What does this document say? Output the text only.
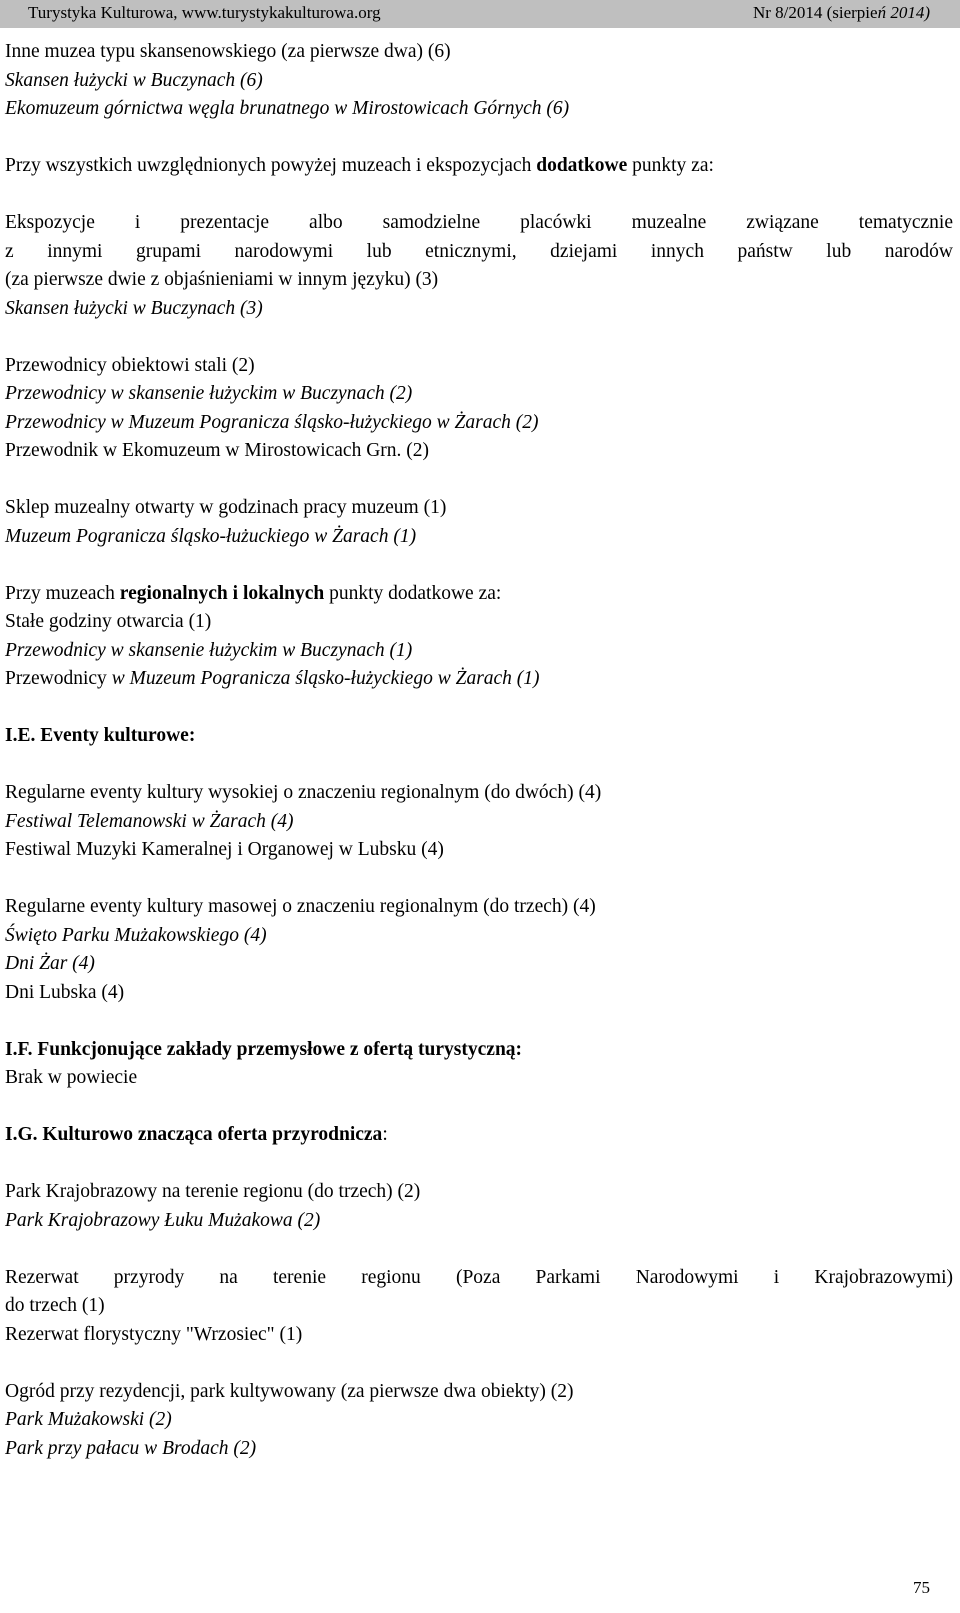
Turystyka Kulturowa, www.turystykakulturowa.org	Nr 8/2014 (sierpień 2014)
Inne muzea typu skansenowskiego (za pierwsze dwa) (6)
Skansen łużycki w Buczynach (6)
Ekomuzeum górnictwa węgla brunatnego w Mirostowicach Górnych (6)
Przy wszystkich uwzględnionych powyżej muzeach i ekspozycjach dodatkowe punkty za:
Ekspozycje i prezentacje albo samodzielne placówki muzealne związane tematycznie
z innymi grupami narodowymi lub etnicznymi, dziejami innych państw lub narodów
(za pierwsze dwie z objaśnieniami w innym języku) (3)
Skansen łużycki w Buczynach (3)
Przewodnicy obiektowi stali (2)
Przewodnicy w skansenie łużyckim w Buczynach (2)
Przewodnicy w Muzeum Pogranicza śląsko-łużyckiego w Żarach (2)
Przewodnik w Ekomuzeum w Mirostowicach Grn. (2)
Sklep muzealny otwarty w godzinach pracy muzeum (1)
Muzeum Pogranicza śląsko-łużuckiego w Żarach (1)
Przy muzeach regionalnych i lokalnych punkty dodatkowe za:
Stałe godziny otwarcia (1)
Przewodnicy w skansenie łużyckim w Buczynach (1)
Przewodnicy w Muzeum Pogranicza śląsko-łużyckiego w Żarach (1)
I.E. Eventy kulturowe:
Regularne eventy kultury wysokiej o znaczeniu regionalnym (do dwóch) (4)
Festiwal Telemanowski w Żarach (4)
Festiwal Muzyki Kameralnej i Organowej w Lubsku (4)
Regularne eventy kultury masowej o znaczeniu regionalnym (do trzech) (4)
Święto Parku Mużakowskiego (4)
Dni Żar (4)
Dni Lubska (4)
I.F. Funkcjonujące zakłady przemysłowe z ofertą turystyczną:
Brak w powiecie
I.G. Kulturowo znacząca oferta przyrodnicza:
Park Krajobrazowy na terenie regionu (do trzech) (2)
Park Krajobrazowy Łuku Mużakowa (2)
Rezerwat przyrody na terenie regionu (Poza Parkami Narodowymi i Krajobrazowymi)
do trzech (1)
Rezerwat florystyczny "Wrzosiec" (1)
Ogród przy rezydencji, park kultywowany (za pierwsze dwa obiekty) (2)
Park Mużakowski (2)
Park przy pałacu w Brodach (2)
75
